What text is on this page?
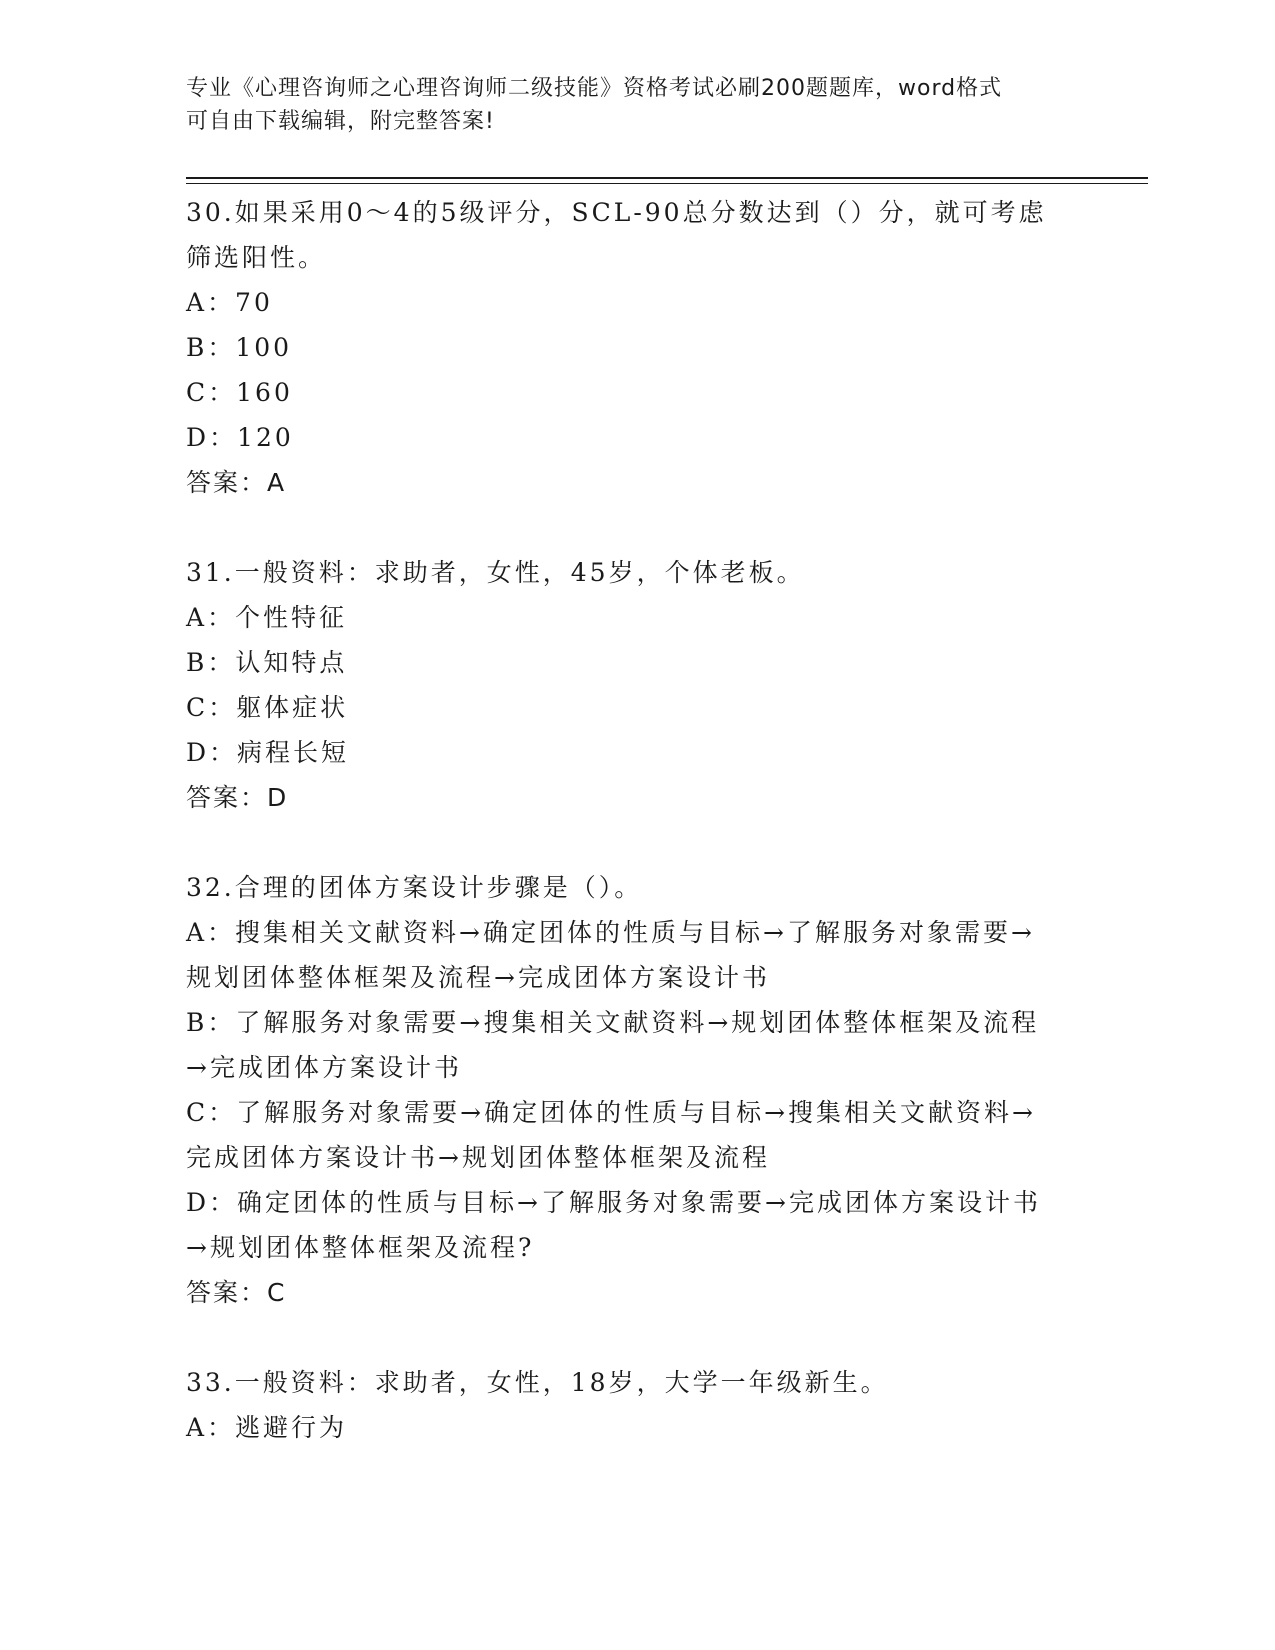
专业《心理咨询师之心理咨询师二级技能》资格考试必刷200题题库，word格式
可自由下载编辑，附完整答案!
30.如果采用0～4的5级评分，SCL-90总分数达到（）分，就可考虑
筛选阳性。
A：70
B：100
C：160
D：120
答案：A
31.一般资料：求助者，女性，45岁，个体老板。
A：个性特征
B：认知特点
C：躯体症状
D：病程长短
答案：D
32.合理的团体方案设计步骤是（）。
A：搜集相关文献资料→确定团体的性质与目标→了解服务对象需要→
规划团体整体框架及流程→完成团体方案设计书
B：了解服务对象需要→搜集相关文献资料→规划团体整体框架及流程
→完成团体方案设计书
C：了解服务对象需要→确定团体的性质与目标→搜集相关文献资料→
完成团体方案设计书→规划团体整体框架及流程
D：确定团体的性质与目标→了解服务对象需要→完成团体方案设计书
→规划团体整体框架及流程?
答案：C
33.一般资料：求助者，女性，18岁，大学一年级新生。
A：逃避行为
